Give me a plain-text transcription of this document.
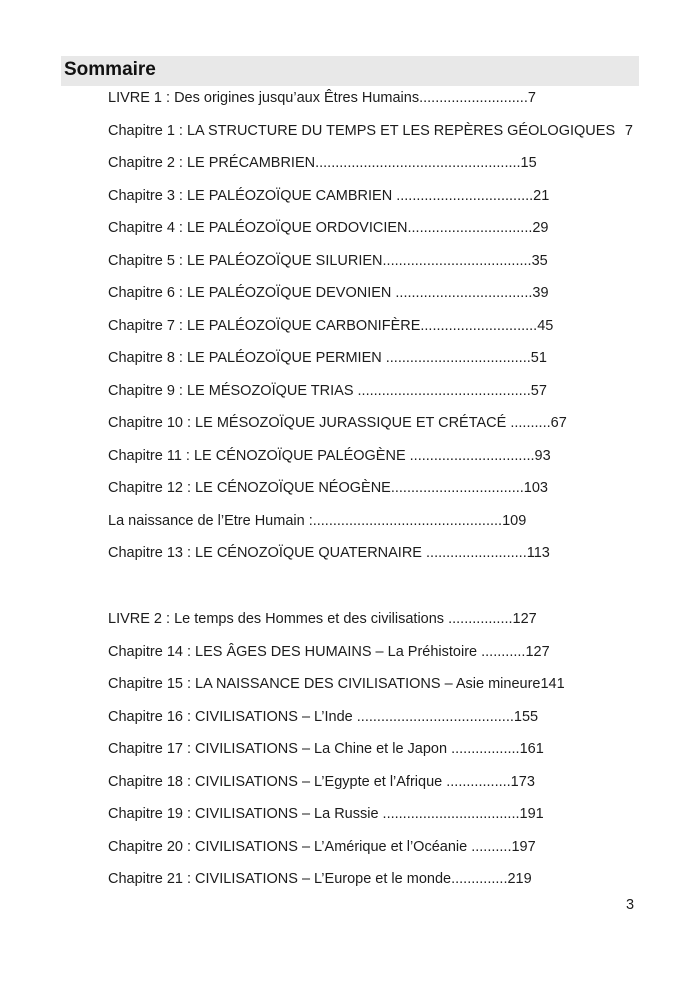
Sommaire
LIVRE 1 : Des origines jusqu’aux Êtres Humains...........................7
Chapitre 1 : LA STRUCTURE DU TEMPS ET LES REPÈRES GÉOLOGIQUES 7
Chapitre 2 : LE PRÉCAMBRIEN...................................................15
Chapitre 3 : LE PALÉOZOÏQUE CAMBRIEN ..................................21
Chapitre 4 : LE PALÉOZOÏQUE ORDOVICIEN...............................29
Chapitre 5 : LE PALÉOZOÏQUE SILURIEN.....................................35
Chapitre 6 : LE PALÉOZOÏQUE DEVONIEN ..................................39
Chapitre 7 : LE PALÉOZOÏQUE CARBONIFÈRE.............................45
Chapitre 8 : LE PALÉOZOÏQUE PERMIEN ....................................51
Chapitre 9 : LE MÉSOZOÏQUE TRIAS ...........................................57
Chapitre 10 : LE MÉSOZOÏQUE JURASSIQUE ET CRÉTACÉ ..........67
Chapitre 11 : LE CÉNOZOÏQUE PALÉOGÈNE ...............................93
Chapitre 12 : LE CÉNOZOÏQUE NÉOGÈNE.................................103
La naissance de l’Etre Humain :...............................................109
Chapitre 13 : LE CÉNOZOÏQUE QUATERNAIRE .........................113
LIVRE 2 : Le temps des Hommes et des civilisations ................127
Chapitre 14 : LES ÂGES DES HUMAINS – La Préhistoire ...........127
Chapitre 15 : LA NAISSANCE DES CIVILISATIONS – Asie mineure141
Chapitre 16 : CIVILISATIONS – L’Inde .......................................155
Chapitre 17 : CIVILISATIONS – La Chine et le Japon .................161
Chapitre 18 : CIVILISATIONS – L’Egypte et l’Afrique ................173
Chapitre 19 : CIVILISATIONS – La Russie ..................................191
Chapitre 20 : CIVILISATIONS – L’Amérique et l’Océanie ..........197
Chapitre 21 : CIVILISATIONS – L’Europe et le monde..............219
3
